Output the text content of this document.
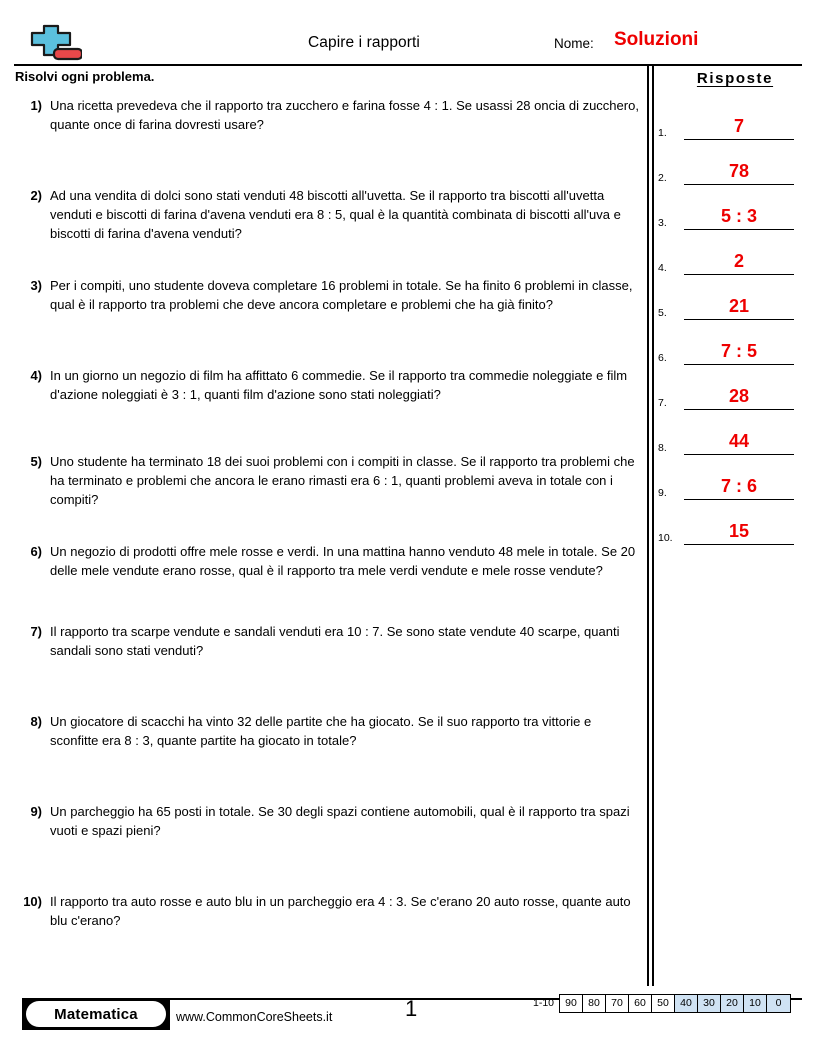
Capire i rapporti	Nome: Soluzioni
Risolvi ogni problema.
1) Una ricetta prevedeva che il rapporto tra zucchero e farina fosse 4 : 1. Se usassi 28 oncia di zucchero, quante once di farina dovresti usare?
2) Ad una vendita di dolci sono stati venduti 48 biscotti all'uvetta. Se il rapporto tra biscotti all'uvetta venduti e biscotti di farina d'avena venduti era 8 : 5, qual è la quantità combinata di biscotti all'uva e biscotti di farina d'avena venduti?
3) Per i compiti, uno studente doveva completare 16 problemi in totale. Se ha finito 6 problemi in classe, qual è il rapporto tra problemi che deve ancora completare e problemi che ha già finito?
4) In un giorno un negozio di film ha affittato 6 commedie. Se il rapporto tra commedie noleggiate e film d'azione noleggiati è 3 : 1, quanti film d'azione sono stati noleggiati?
5) Uno studente ha terminato 18 dei suoi problemi con i compiti in classe. Se il rapporto tra problemi che ha terminato e problemi che ancora le erano rimasti era 6 : 1, quanti problemi aveva in totale con i compiti?
6) Un negozio di prodotti offre mele rosse e verdi. In una mattina hanno venduto 48 mele in totale. Se 20 delle mele vendute erano rosse, qual è il rapporto tra mele verdi vendute e mele rosse vendute?
7) Il rapporto tra scarpe vendute e sandali venduti era 10 : 7. Se sono state vendute 40 scarpe, quanti sandali sono stati venduti?
8) Un giocatore di scacchi ha vinto 32 delle partite che ha giocato. Se il suo rapporto tra vittorie e sconfitte era 8 : 3, quante partite ha giocato in totale?
9) Un parcheggio ha 65 posti in totale. Se 30 degli spazi contiene automobili, qual è il rapporto tra spazi vuoti e spazi pieni?
10) Il rapporto tra auto rosse e auto blu in un parcheggio era 4 : 3. Se c'erano 20 auto rosse, quante auto blu c'erano?
Risposte
1.	7
2.	78
3.	5 : 3
4.	2
5.	21
6.	7 : 5
7.	28
8.	44
9.	7 : 6
10.	15
Matematica	www.CommonCoreSheets.it	1	1-10	90	80	70	60	50	40	30	20	10	0
